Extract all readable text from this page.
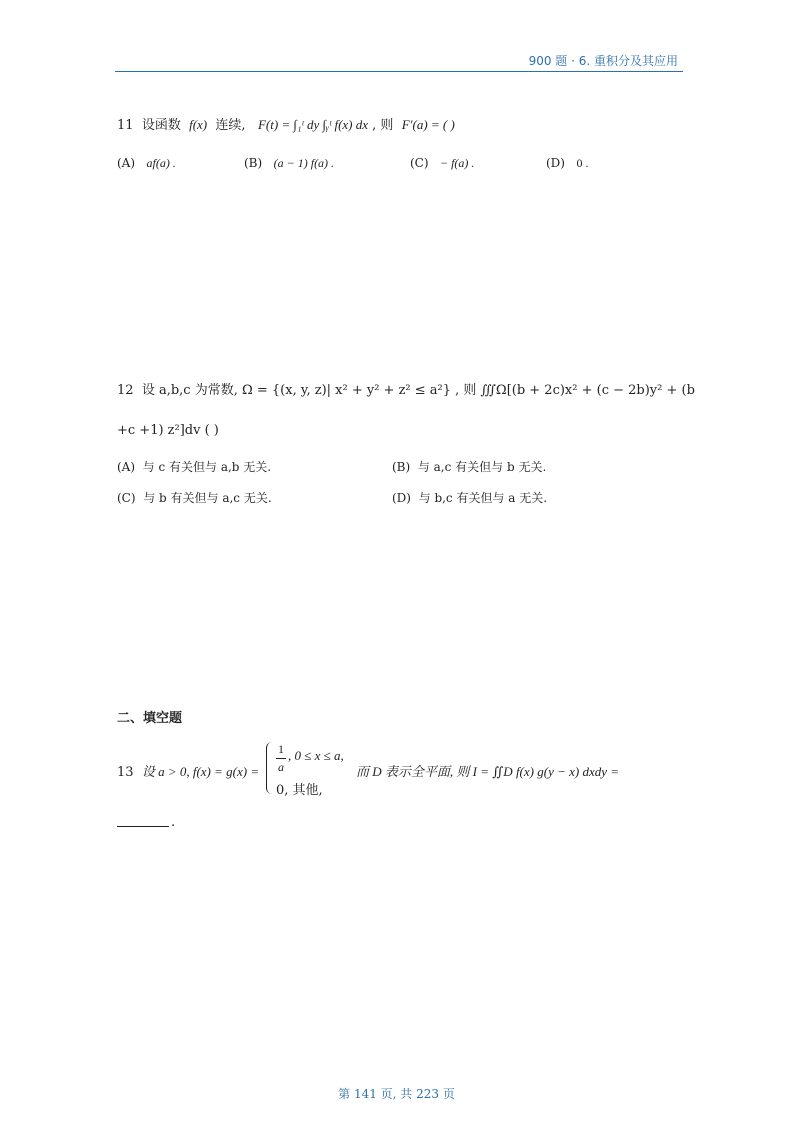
900 题 · 6. 重积分及其应用
11 设函数 f(x) 连续, F(t) = ∫₁ᵗ dy ∫ᵧᵗ f(x) dx , 则 F′(a) = ( )
(A) af(a) .	(B) (a − 1) f(a) .	(C) − f(a) .	(D) 0 .
12 设 a,b,c 为常数, Ω = {(x, y, z)| x² + y² + z² ≤ a²} , 则 ∭Ω[(b + 2c)x² + (c − 2b)y² + (b
+c +1) z²]dv ( )
(A) 与 c 有关但与 a,b 无关.	(B) 与 a,c 有关但与 b 无关.
(C) 与 b 有关但与 a,c 无关.	(D) 与 b,c 有关但与 a 无关.
二、填空题
13 设 a > 0, f(x) = g(x) =
1
a
, 0 ≤ x ≤ a,
0, 其他,
而 D 表示全平面, 则 I = ∬D f(x) g(y − x) dxdy =
.
第 141 页, 共 223 页
